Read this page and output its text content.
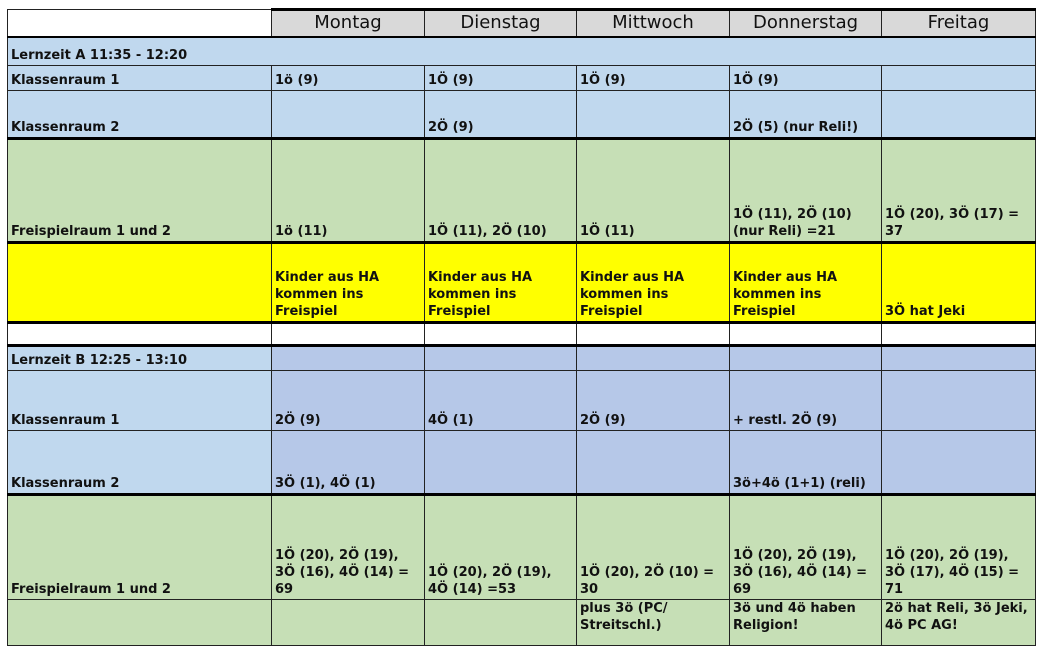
	Montag	Dienstag	Mittwoch	Donnerstag	Freitag
Lernzeit A 11:35 - 12:20					
Klassenraum 1	1ö (9)	1Ö (9)	1Ö (9)	1Ö (9)	
Klassenraum 2		2Ö (9)		2Ö (5) (nur Reli!)	
Freispielraum 1 und 2	1ö (11)	1Ö (11), 2Ö (10)	1Ö (11)	1Ö (11), 2Ö (10) (nur Reli) =21	1Ö (20), 3Ö (17) = 37
	Kinder aus HA kommen ins Freispiel	Kinder aus HA kommen ins Freispiel	Kinder aus HA kommen ins Freispiel	Kinder aus HA kommen ins Freispiel	3Ö hat Jeki

Lernzeit B 12:25 - 13:10					
Klassenraum 1	2Ö (9)	4Ö (1)	2Ö (9)	+ restl. 2Ö (9)	
Klassenraum 2	3Ö (1), 4Ö (1)			3ö+4ö (1+1) (reli)	
Freispielraum 1 und 2	1Ö (20), 2Ö (19), 3Ö (16), 4Ö (14) = 69	1Ö (20), 2Ö (19), 4Ö (14) =53	1Ö (20), 2Ö (10) = 30	1Ö (20), 2Ö (19), 3Ö (16), 4Ö (14) = 69	1Ö (20), 2Ö (19), 3Ö (17), 4Ö (15) = 71
			plus 3ö (PC/ Streitschl.)	3ö und 4ö haben Religion!	2ö hat Reli, 3ö Jeki, 4ö PC AG!
